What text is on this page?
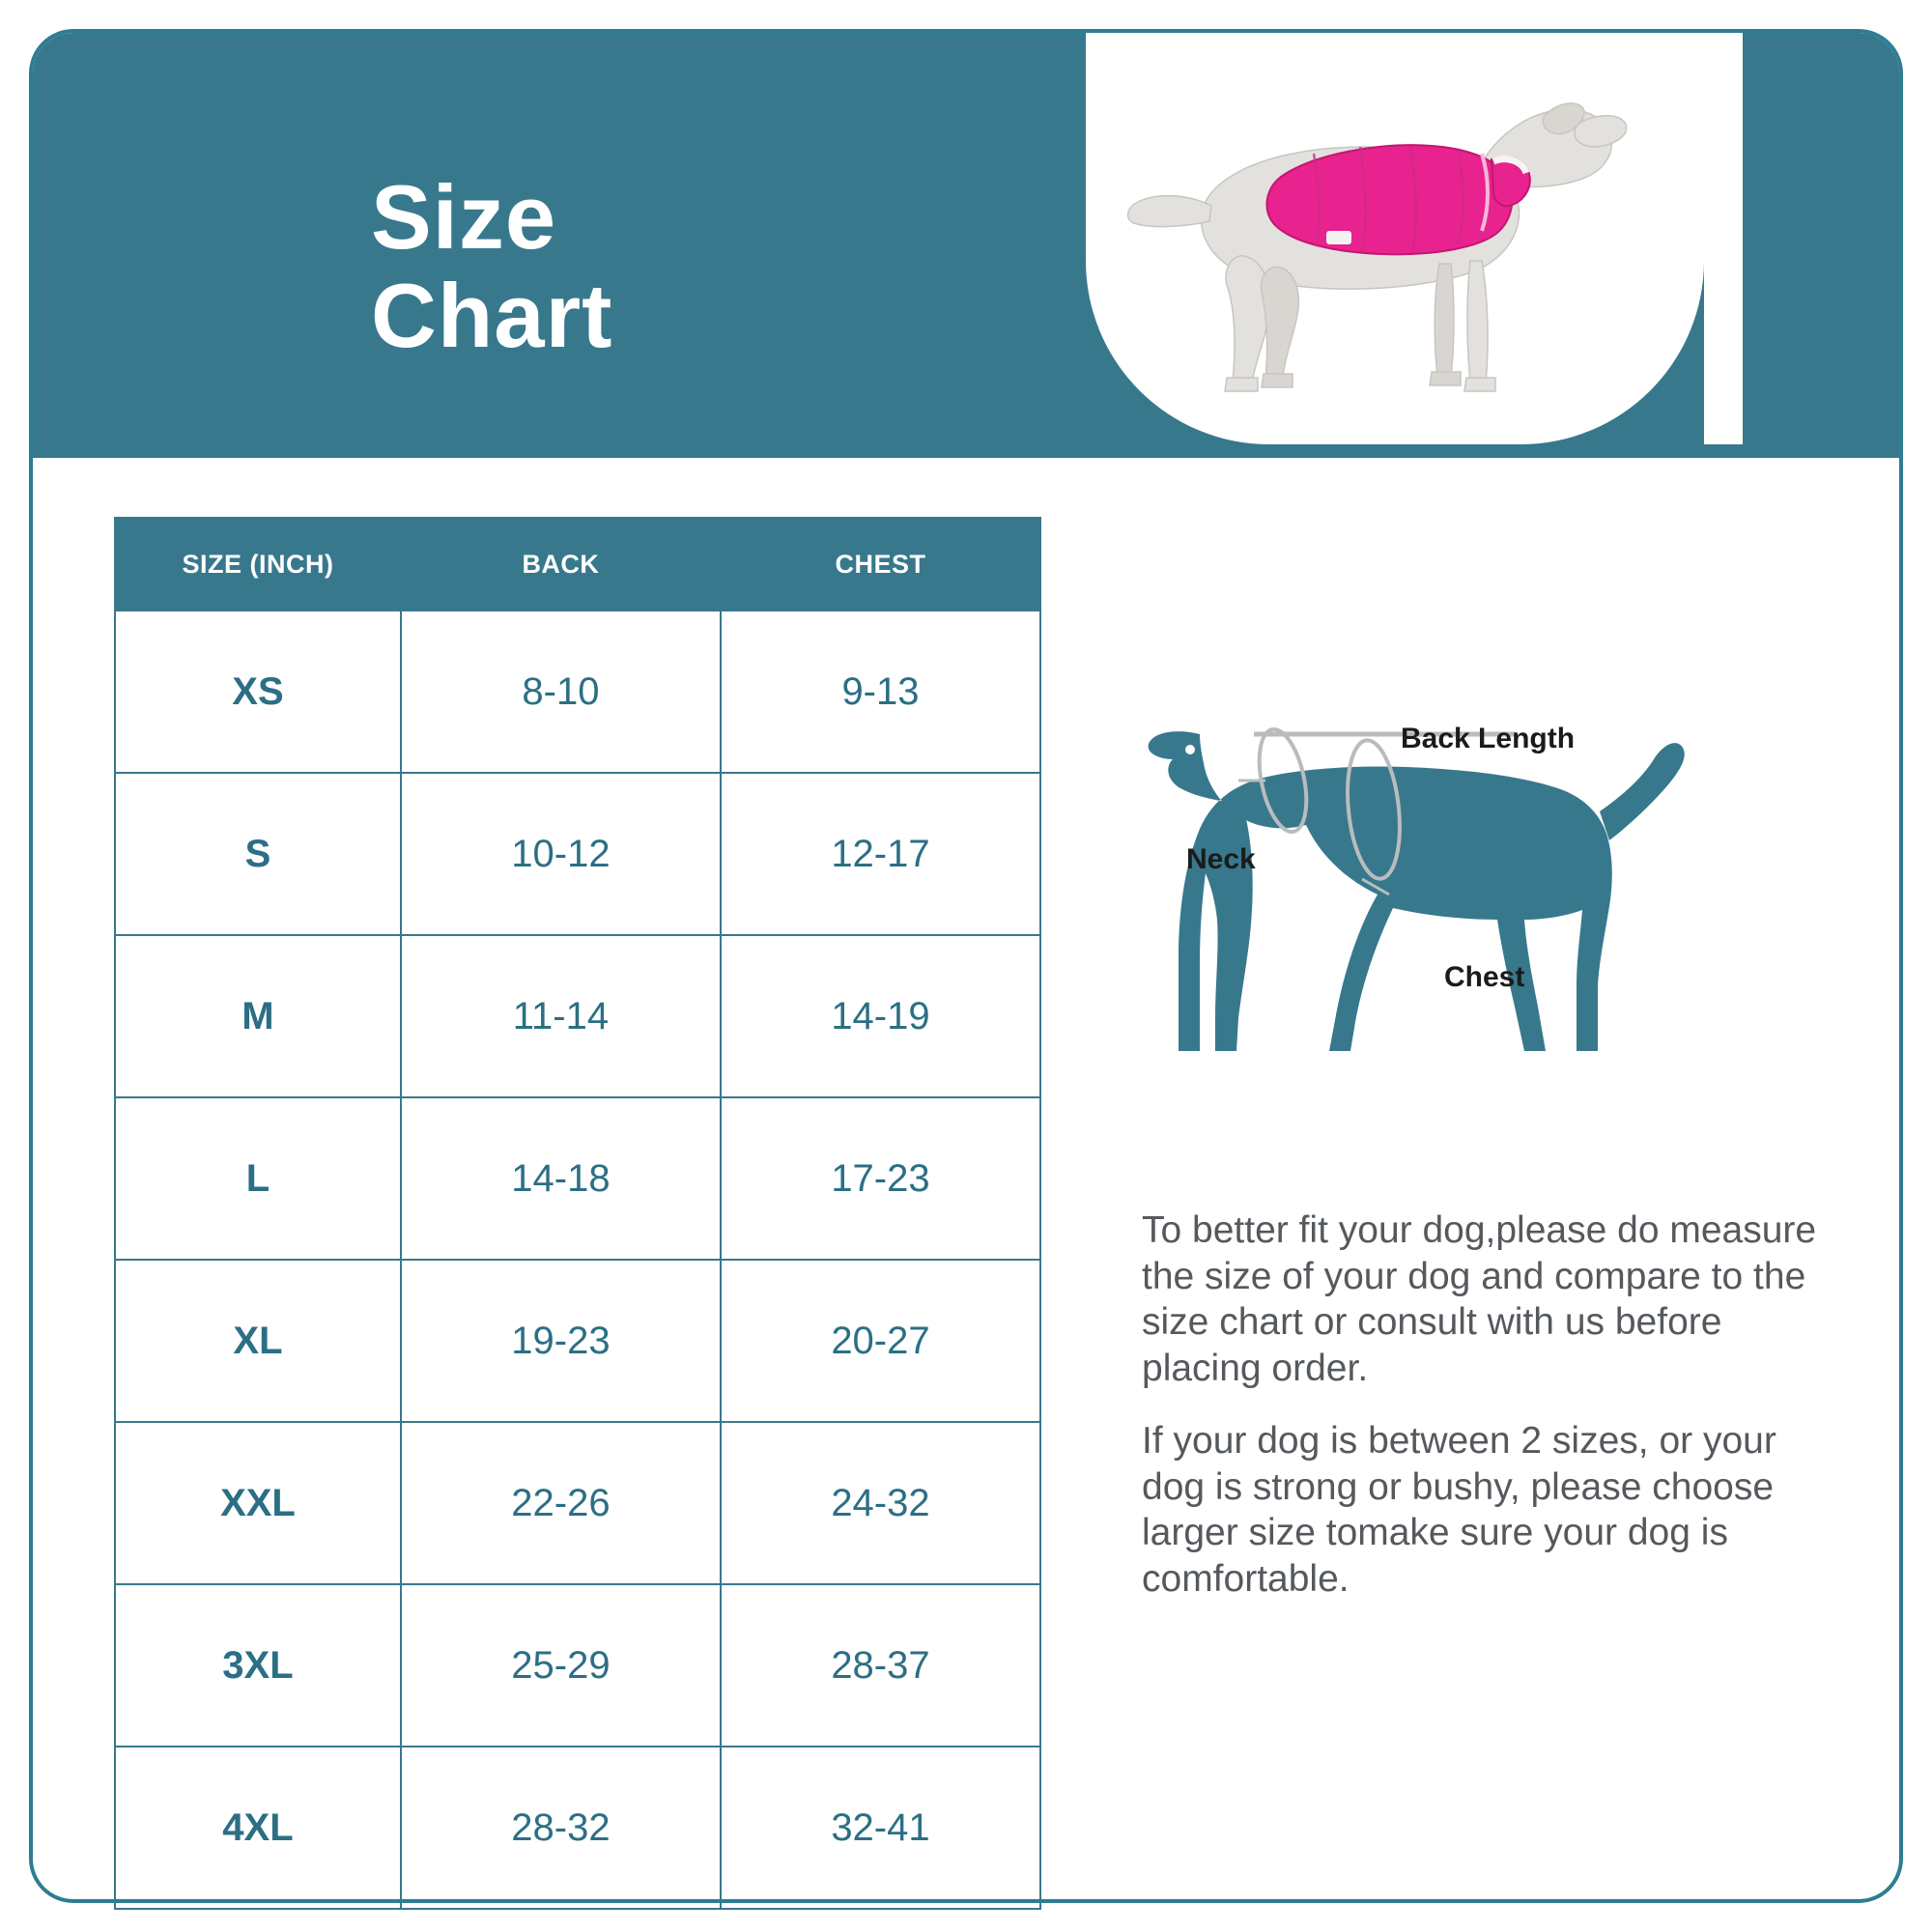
Size
Chart
SIZE (INCH)	BACK	CHEST
XS	8-10	9-13
S	10-12	12-17
M	11-14	14-19
L	14-18	17-23
XL	19-23	20-27
XXL	22-26	24-32
3XL	25-29	28-37
4XL	28-32	32-41
Back Length
Neck
Chest

To better fit your dog,please do measure the size of your dog and compare to the size chart or consult with us before placing order.

If your dog is between 2 sizes, or your dog is strong or bushy, please choose larger size tomake sure your dog is comfortable.
